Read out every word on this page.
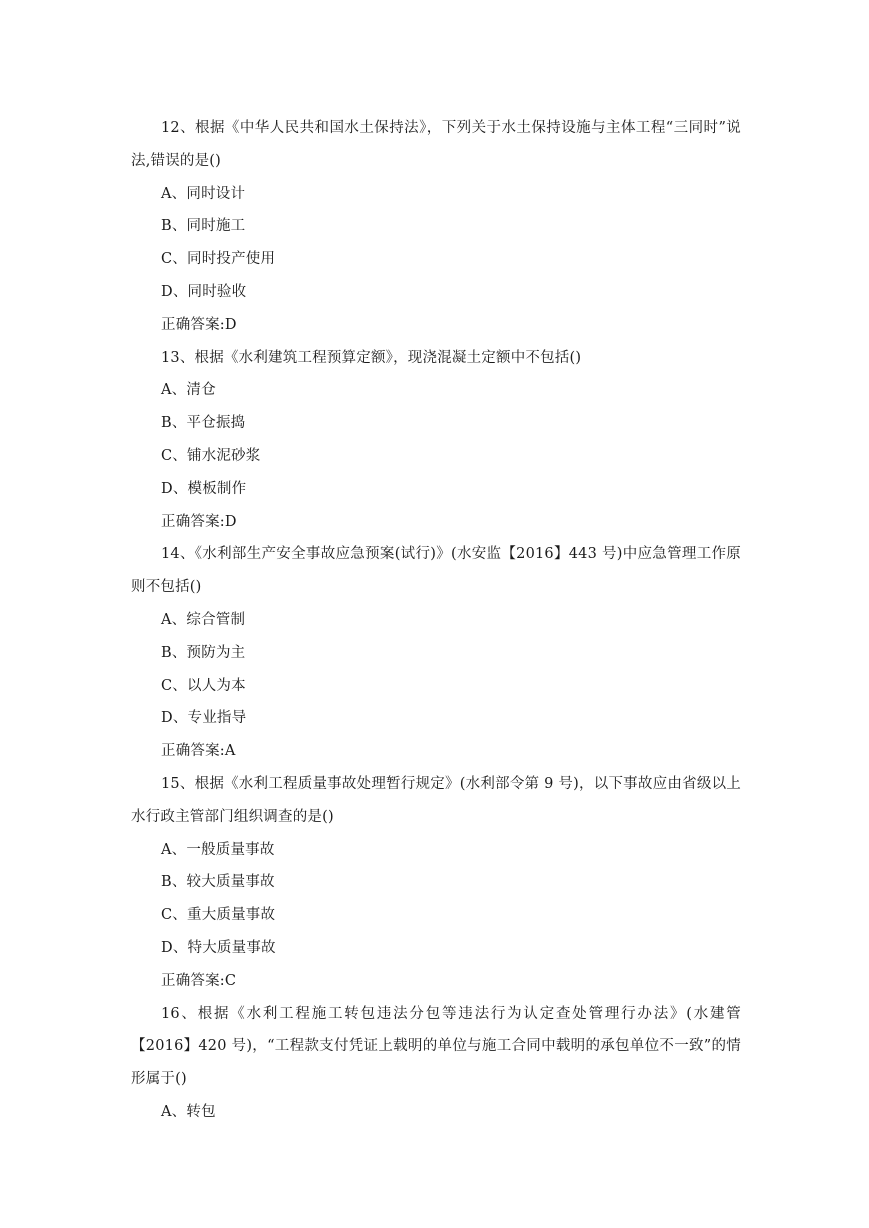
12、根据《中华人民共和国水土保持法》，下列关于水土保持设施与主体工程“三同时”说法,错误的是()
A、同时设计
B、同时施工
C、同时投产使用
D、同时验收
正确答案:D
13、根据《水利建筑工程预算定额》，现浇混凝土定额中不包括()
A、清仓
B、平仓振捣
C、铺水泥砂浆
D、模板制作
正确答案:D
14、《水利部生产安全事故应急预案(试行)》(水安监【2016】443 号)中应急管理工作原则不包括()
A、综合管制
B、预防为主
C、以人为本
D、专业指导
正确答案:A
15、根据《水利工程质量事故处理暂行规定》(水利部令第 9 号)，以下事故应由省级以上水行政主管部门组织调查的是()
A、一般质量事故
B、较大质量事故
C、重大质量事故
D、特大质量事故
正确答案:C
16、根据《水利工程施工转包违法分包等违法行为认定查处管理行办法》(水建管【2016】420 号)，“工程款支付凭证上载明的单位与施工合同中载明的承包单位不一致”的情形属于()
A、转包
